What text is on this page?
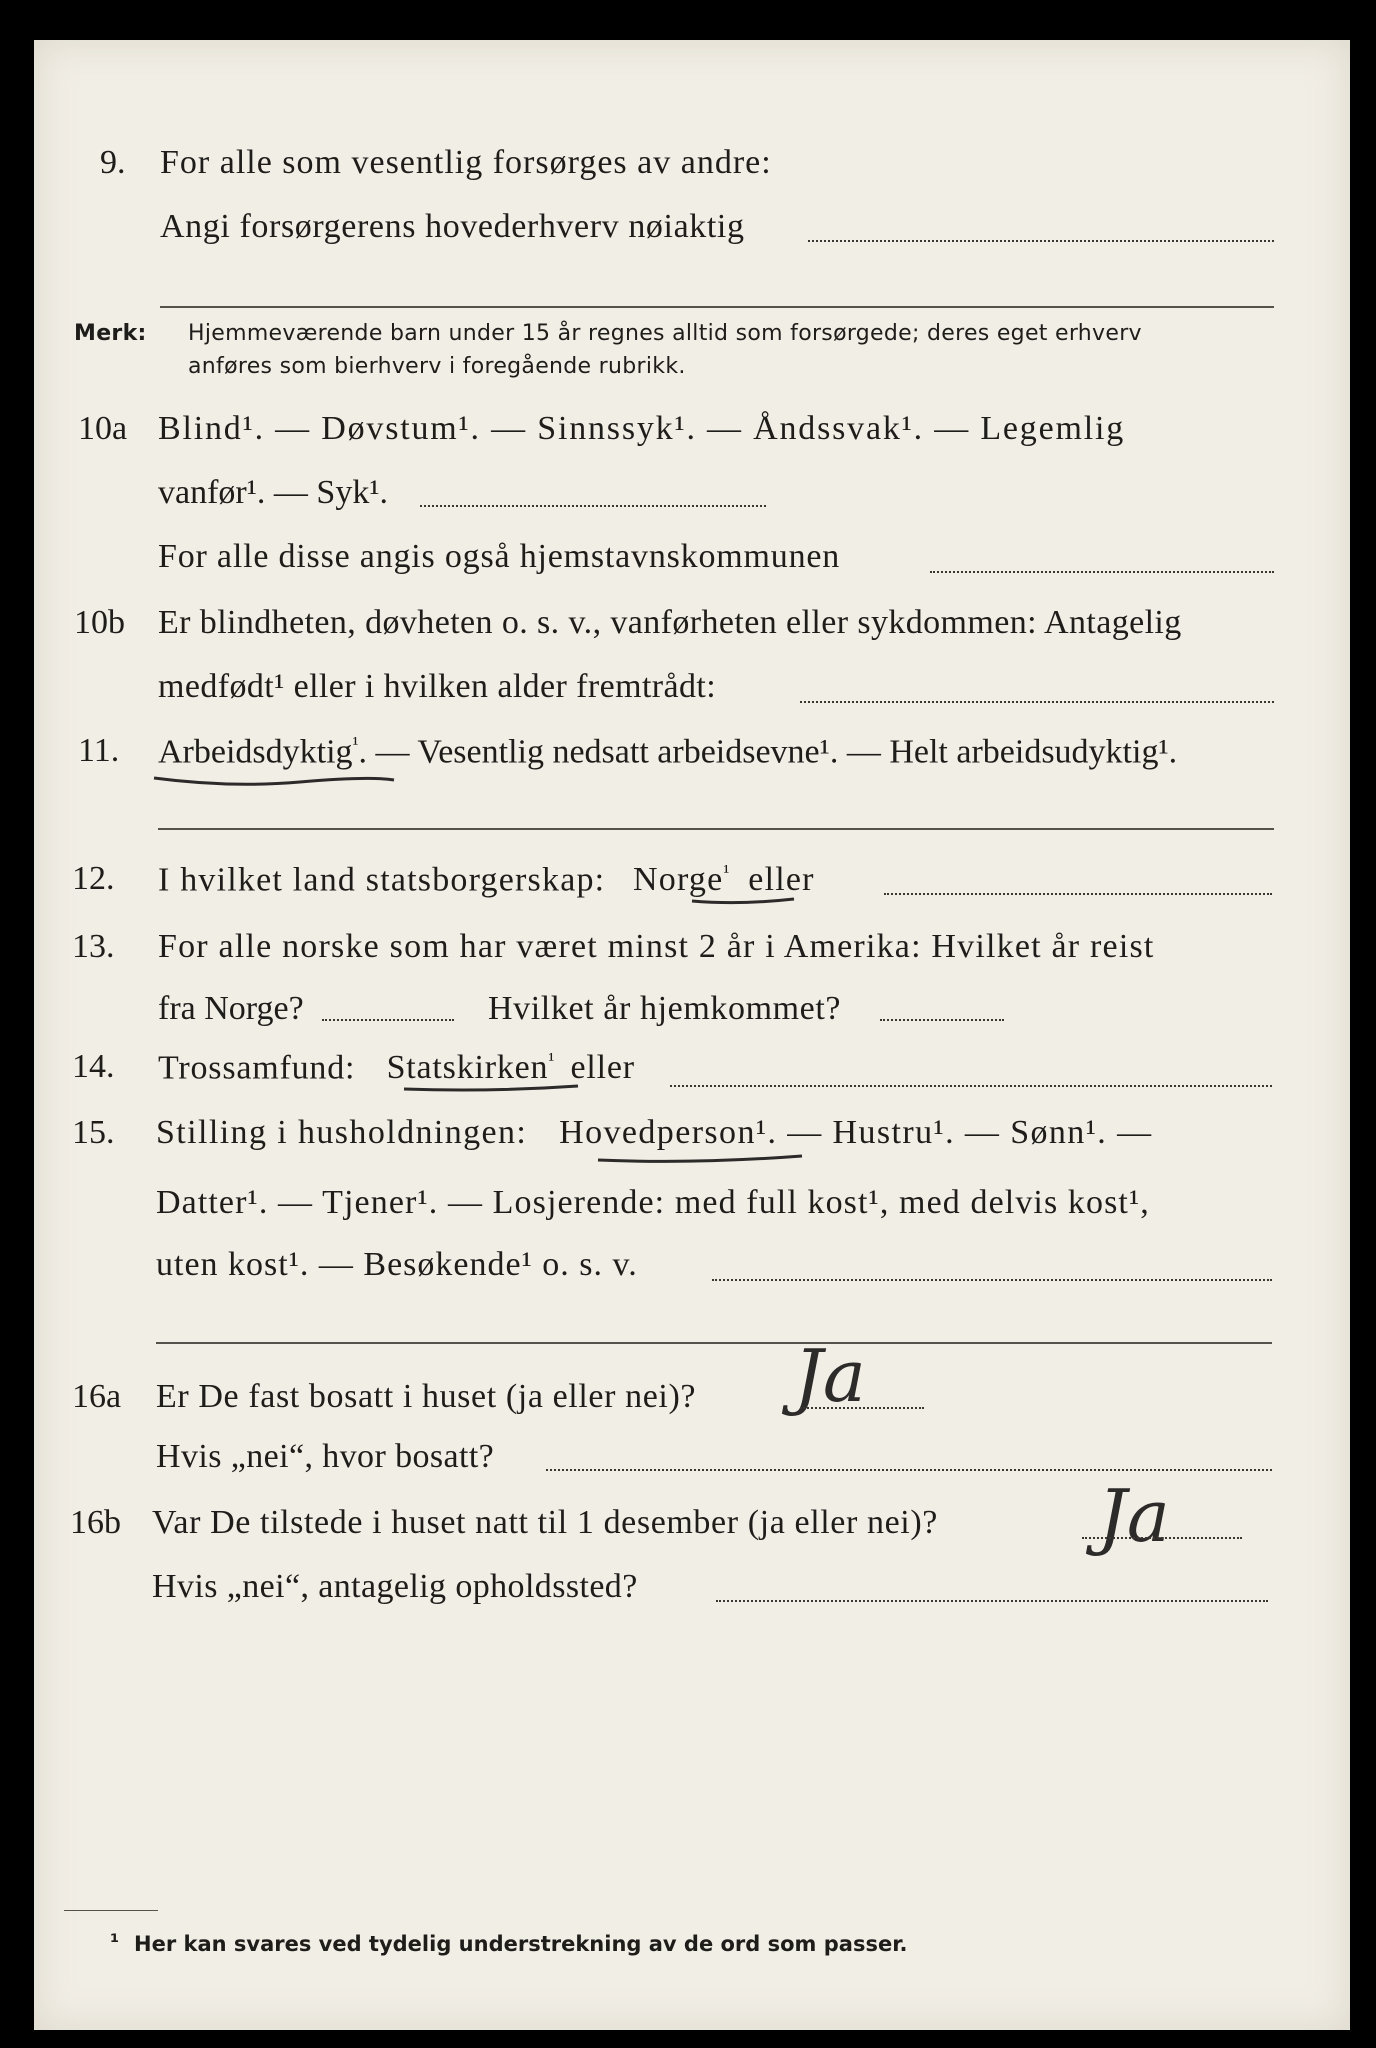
9. For alle som vesentlig forsørges av andre:
Angi forsørgerens hovederhverv nøiaktig
Merk: Hjemmeværende barn under 15 år regnes alltid som forsørgede; deres eget erhverv
anføres som bierhverv i foregående rubrikk.
10a Blind¹. — Døvstum¹. — Sinnssyk¹. — Åndssvak¹. — Legemlig
vanfør¹. — Syk¹.
For alle disse angis også hjemstavnskommunen
10b Er blindheten, døvheten o. s. v., vanførheten eller sykdommen: Antagelig
medfødt¹ eller i hvilken alder fremtrådt:
11. Arbeidsdyktig$^{^1}$. — Vesentlig nedsatt arbeidsevne¹. — Helt arbeidsudyktig¹.
12. I hvilket land statsborgerskap: Norge$^{^1}$ eller
13. For alle norske som har været minst 2 år i Amerika: Hvilket år reist
fra Norge?	Hvilket år hjemkommet?
14. Trossamfund: Statskirken$^{^1}$ eller
15. Stilling i husholdningen: Hovedperson¹. — Hustru¹. — Sønn¹. —
Datter¹. — Tjener¹. — Losjerende: med full kost¹, med delvis kost¹,
uten kost¹. — Besøkende¹ o. s. v.
16a Er De fast bosatt i huset (ja eller nei)? Ja
Hvis „nei“, hvor bosatt?
16b Var De tilstede i huset natt til 1 desember (ja eller nei)? Ja
Hvis „nei“, antagelig opholdssted?
¹ Her kan svares ved tydelig understrekning av de ord som passer.
